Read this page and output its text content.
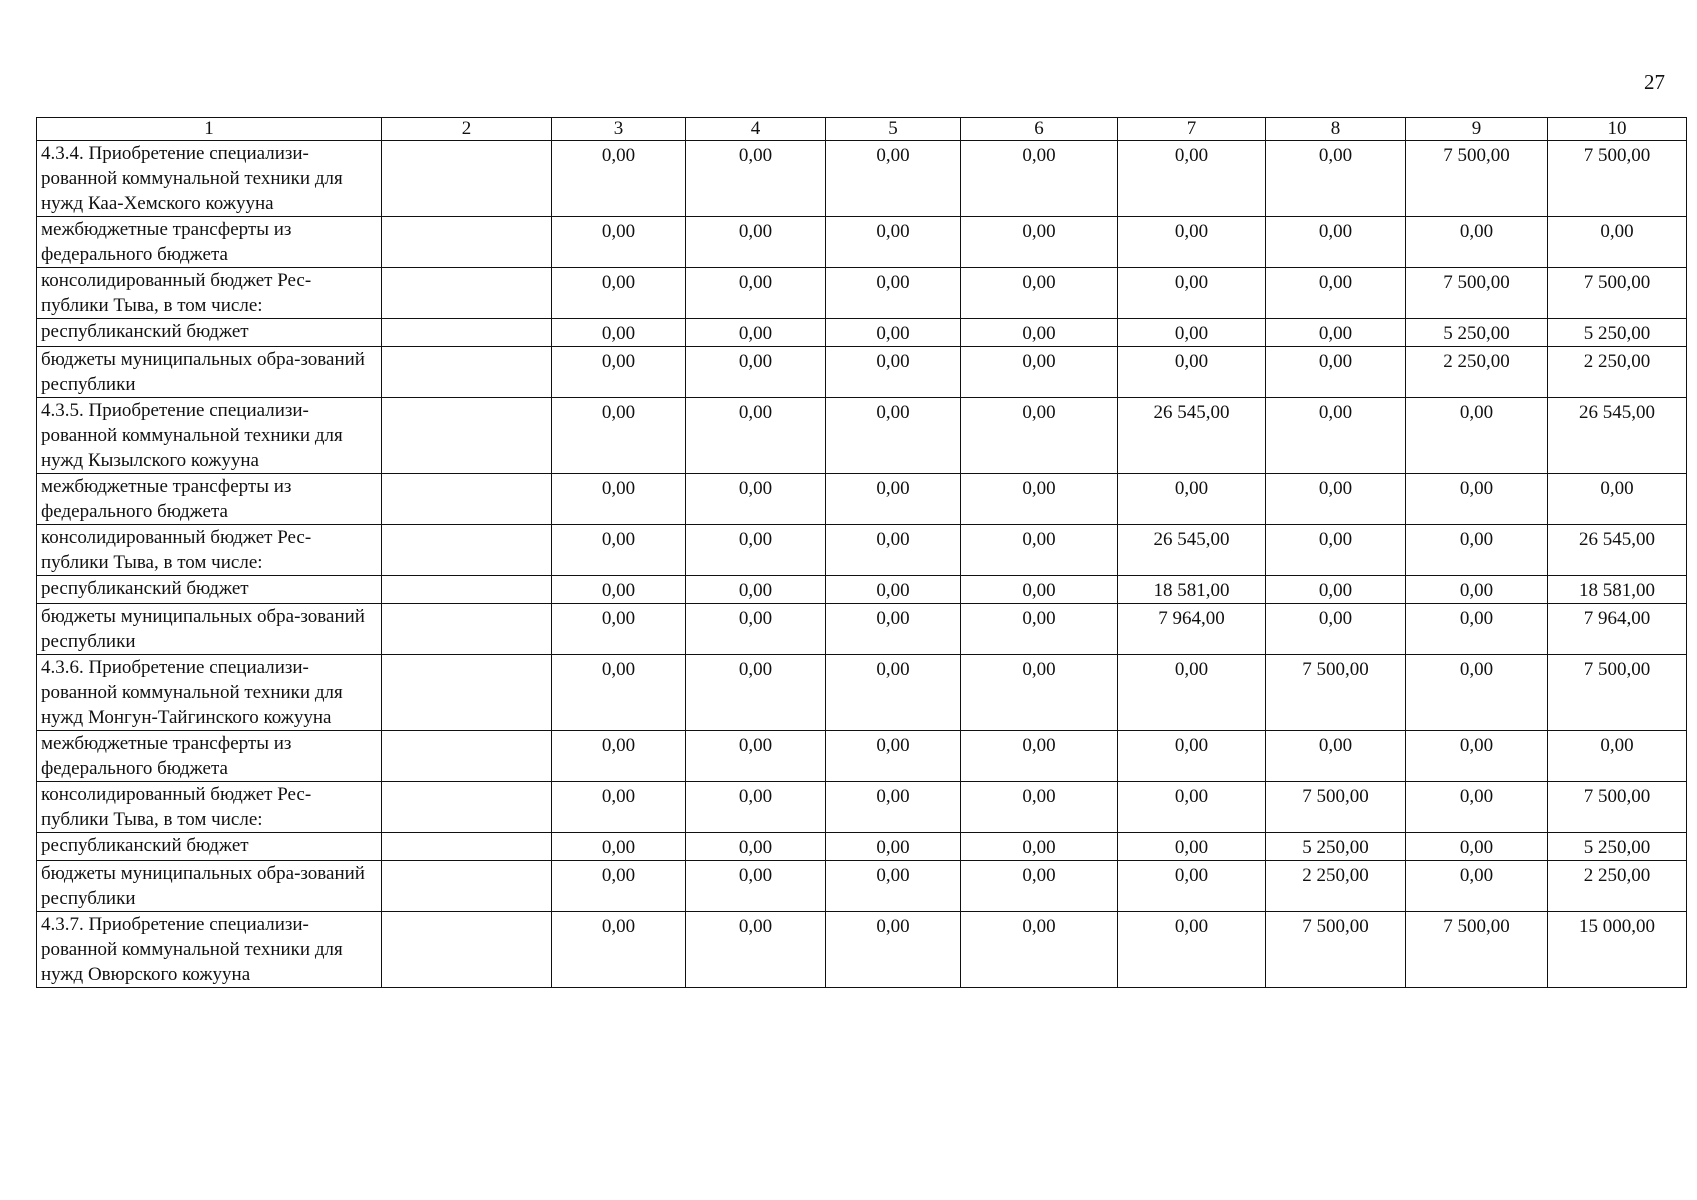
27
1	2	3	4	5	6	7	8	9	10
4.3.4. Приобретение специализи-рованной коммунальной техники для нужд Каа-Хемского кожууна		0,00	0,00	0,00	0,00	0,00	0,00	7 500,00	7 500,00
межбюджетные трансферты из федерального бюджета		0,00	0,00	0,00	0,00	0,00	0,00	0,00	0,00
консолидированный бюджет Рес-публики Тыва, в том числе:		0,00	0,00	0,00	0,00	0,00	0,00	7 500,00	7 500,00
республиканский бюджет		0,00	0,00	0,00	0,00	0,00	0,00	5 250,00	5 250,00
бюджеты муниципальных обра-зований республики		0,00	0,00	0,00	0,00	0,00	0,00	2 250,00	2 250,00
4.3.5. Приобретение специализи-рованной коммунальной техники для нужд Кызылского кожууна		0,00	0,00	0,00	0,00	26 545,00	0,00	0,00	26 545,00
межбюджетные трансферты из федерального бюджета		0,00	0,00	0,00	0,00	0,00	0,00	0,00	0,00
консолидированный бюджет Рес-публики Тыва, в том числе:		0,00	0,00	0,00	0,00	26 545,00	0,00	0,00	26 545,00
республиканский бюджет		0,00	0,00	0,00	0,00	18 581,00	0,00	0,00	18 581,00
бюджеты муниципальных обра-зований республики		0,00	0,00	0,00	0,00	7 964,00	0,00	0,00	7 964,00
4.3.6. Приобретение специализи-рованной коммунальной техники для нужд Монгун-Тайгинского кожууна		0,00	0,00	0,00	0,00	0,00	7 500,00	0,00	7 500,00
межбюджетные трансферты из федерального бюджета		0,00	0,00	0,00	0,00	0,00	0,00	0,00	0,00
консолидированный бюджет Рес-публики Тыва, в том числе:		0,00	0,00	0,00	0,00	0,00	7 500,00	0,00	7 500,00
республиканский бюджет		0,00	0,00	0,00	0,00	0,00	5 250,00	0,00	5 250,00
бюджеты муниципальных обра-зований республики		0,00	0,00	0,00	0,00	0,00	2 250,00	0,00	2 250,00
4.3.7. Приобретение специализи-рованной коммунальной техники для нужд Овюрского кожууна		0,00	0,00	0,00	0,00	0,00	7 500,00	7 500,00	15 000,00
